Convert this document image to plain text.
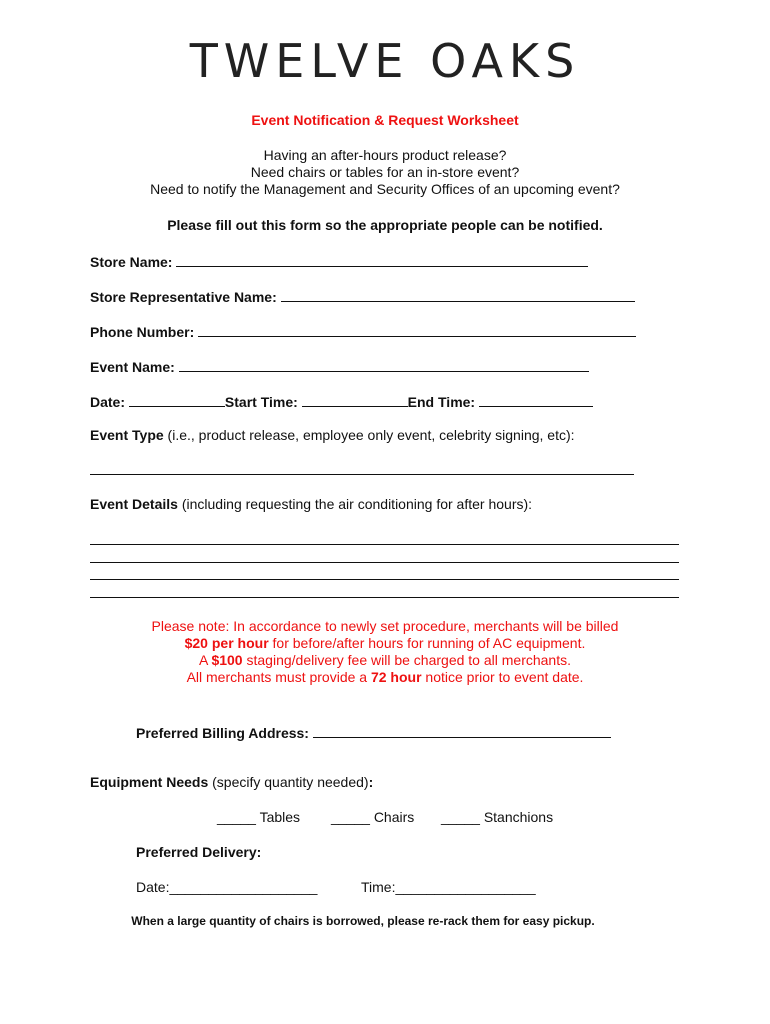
TWELVE OAKS
Event Notification & Request Worksheet
Having an after-hours product release?
Need chairs or tables for an in-store event?
Need to notify the Management and Security Offices of an upcoming event?
Please fill out this form so the appropriate people can be notified.
Store Name:
Store Representative Name:
Phone Number:
Event Name:
Date:	Start Time:	End Time:
Event Type (i.e., product release, employee only event, celebrity signing, etc):
Event Details (including requesting the air conditioning for after hours):
Please note: In accordance to newly set procedure, merchants will be billed
$20 per hour for before/after hours for running of AC equipment.
A $100 staging/delivery fee will be charged to all merchants.
All merchants must provide a 72 hour notice prior to event date.
Preferred Billing Address:
Equipment Needs (specify quantity needed):
_____ Tables _____ Chairs _____ Stanchions
Preferred Delivery:
Date:___________________	Time:__________________
When a large quantity of chairs is borrowed, please re-rack them for easy pickup.
